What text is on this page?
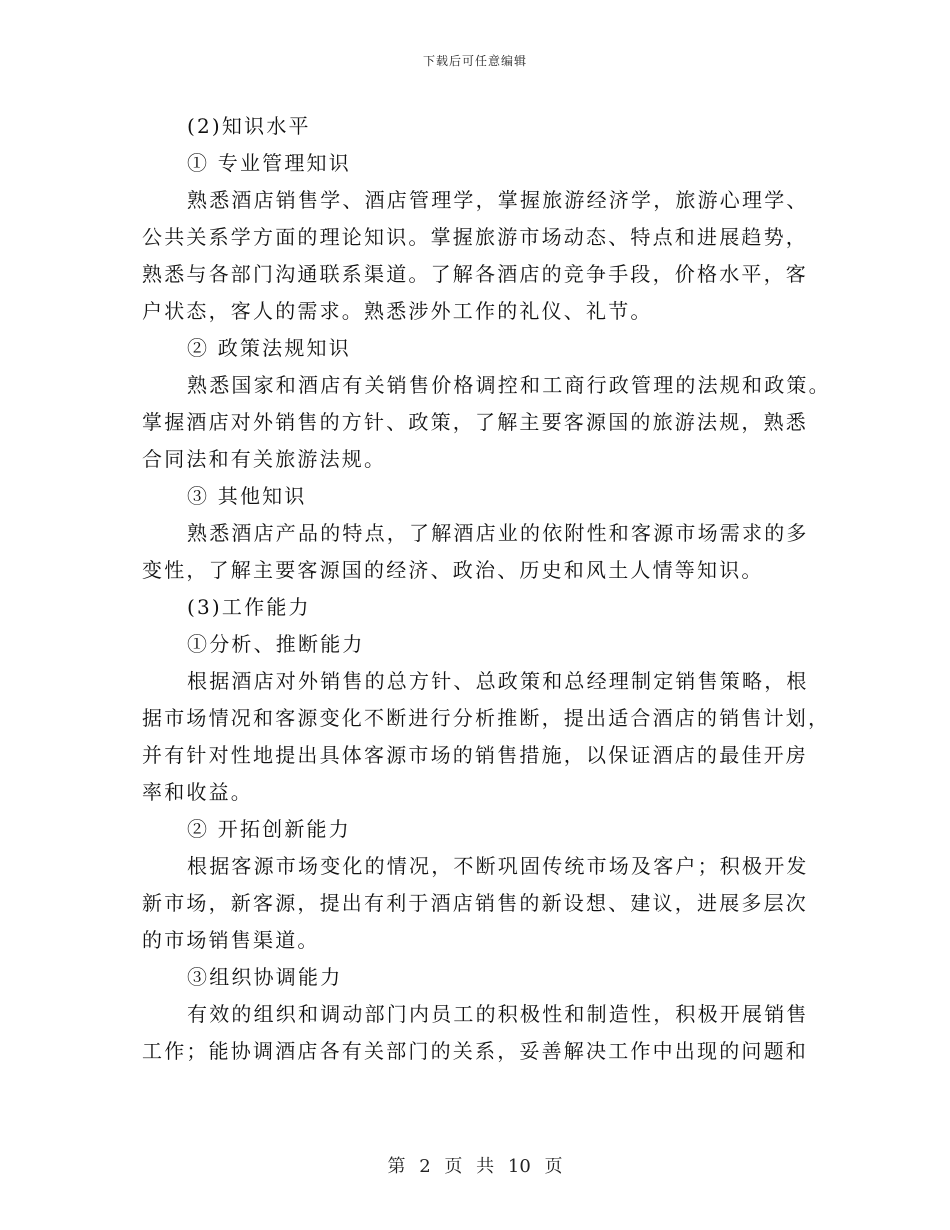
下载后可任意编辑
(2)知识水平
① 专业管理知识
熟悉酒店销售学、酒店管理学，掌握旅游经济学，旅游心理学、
公共关系学方面的理论知识。掌握旅游市场动态、特点和进展趋势，
熟悉与各部门沟通联系渠道。了解各酒店的竞争手段，价格水平，客
户状态，客人的需求。熟悉涉外工作的礼仪、礼节。
② 政策法规知识
熟悉国家和酒店有关销售价格调控和工商行政管理的法规和政策。
掌握酒店对外销售的方针、政策，了解主要客源国的旅游法规，熟悉
合同法和有关旅游法规。
③ 其他知识
熟悉酒店产品的特点，了解酒店业的依附性和客源市场需求的多
变性，了解主要客源国的经济、政治、历史和风土人情等知识。
(3)工作能力
①分析、推断能力
根据酒店对外销售的总方针、总政策和总经理制定销售策略，根
据市场情况和客源变化不断进行分析推断，提出适合酒店的销售计划，
并有针对性地提出具体客源市场的销售措施，以保证酒店的最佳开房
率和收益。
② 开拓创新能力
根据客源市场变化的情况，不断巩固传统市场及客户；积极开发
新市场，新客源，提出有利于酒店销售的新设想、建议，进展多层次
的市场销售渠道。
③组织协调能力
有效的组织和调动部门内员工的积极性和制造性，积极开展销售
工作；能协调酒店各有关部门的关系，妥善解决工作中出现的问题和
第 2 页 共 10 页
